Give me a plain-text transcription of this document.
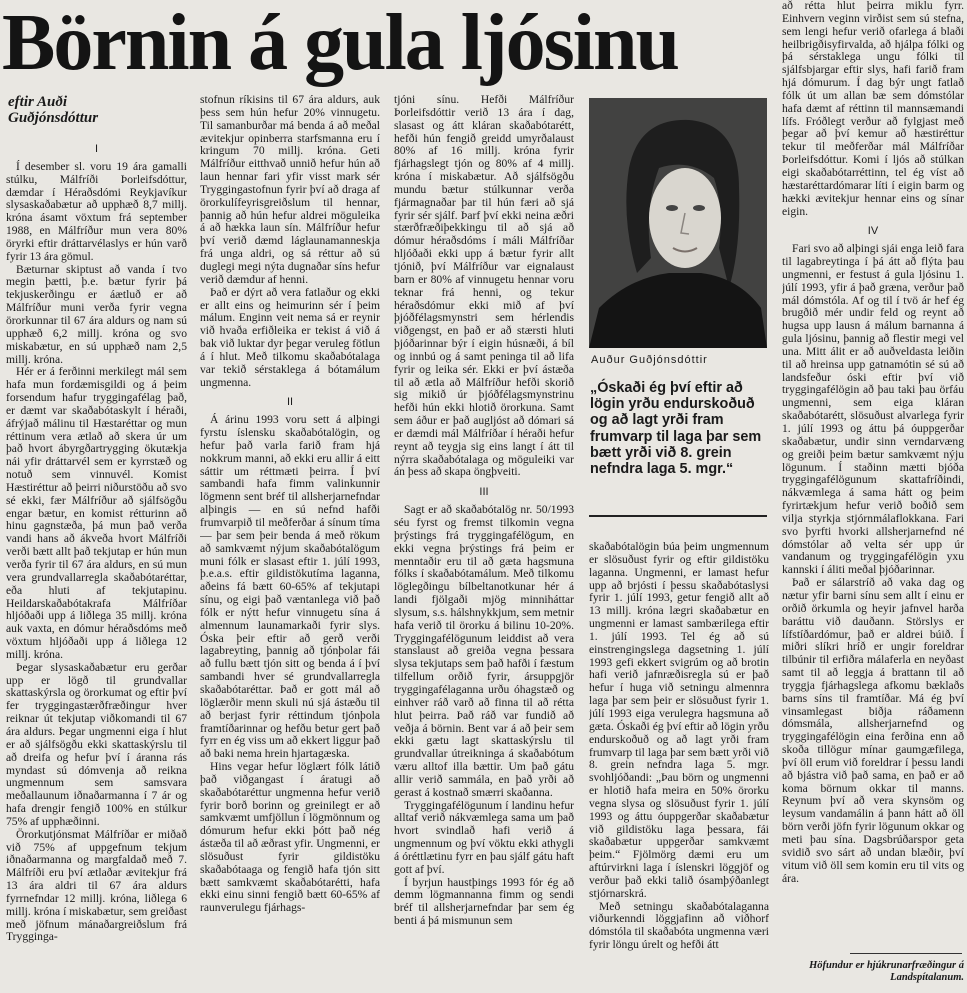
Börnin á gula ljósinu
eftir Auði Guðjónsdóttur
I

Í desember sl. voru 19 ára gamalli stúlku, Málfríði Þorleifsdóttur, dæmdar í Héraðsdómi Reykjavíkur slysaskaðabætur að upphæð 8,7 millj. króna ásamt vöxtum frá september 1988, en Málfríður mun vera 80% öryrki eftir dráttarvélaslys er hún varð fyrir 13 ára gömul.

Bæturnar skiptust að vanda í tvo megin þætti, þ.e. bætur fyrir þá tekjuskerðingu er áætluð er að Málfríður muni verða fyrir vegna örorkunnar til 67 ára aldurs og nam sú upphæð 6,2 millj. króna og svo miskabætur, en sú upphæð nam 2,5 millj. króna.

Hér er á ferðinni merkilegt mál sem hafa mun fordæmisgildi og á þeim forsendum hafur tryggingafélag það, er dæmt var skaðabótaskylt í héraði, áfrýjað málinu til Hæstaréttar og mun réttinum vera ætlað að skera úr um það hvort ábyrgðartrygging ökutækja nái yfir dráttarvél sem er kyrrstæð og notuð sem vinnuvél. Komist Hæstiréttur að þeirri niðurstöðu að svo sé ekki, fær Málfríður að sjálfsögðu engar bætur, en komist rétturinn að hinu gagnstæða, þá mun það verða vandi hans að ákveða hvort Málfríði verði bætt allt það tekjutap er hún mun verða fyrir til 67 ára aldurs, en sú mun vera grundvallarregla skaðabótaréttar, eða hluti af tekjutapinu. Heildarskaðabótakrafa Málfríðar hljóðaði upp á liðlega 35 millj. króna auk vaxta, en dómur héraðsdóms með vöxtum hljóðaði upp á liðlega 12 millj. króna.

Þegar slysaskaðabætur eru gerðar upp er lögð til grundvallar skattaskýrsla og örorkumat og eftir því fer tryggingastærðfræðingur hver reiknar út tekjutap viðkomandi til 67 ára aldurs. Þegar ungmenni eiga í hlut er að sjálfsögðu ekki skattaskýrslu til að dreifa og hefur því í áranna rás myndast sú dómvenja að reikna ungmennum sem samsvara meðallaunum iðnaðarmanna í 7 ár og hafa drengir fengið 100% en stúlkur 75% af upphæðinni.

Örorkutjónsmat Málfríðar er miðað við 75% af uppgefnum tekjum iðnaðarmanna og margfaldað með 7. Málfríði eru því ætlaðar ævitekjur frá 13 ára aldri til 67 ára aldurs fyrrnefndar 12 millj. króna, liðlega 6 millj. króna í miskabætur, sem greiðast með jöfnum mánaðargreiðslum frá Trygginga-

stofnun ríkisins til 67 ára aldurs, auk þess sem hún hefur 20% vinnugetu. Til samanburðar má benda á að meðal ævitekjur opinberra starfsmanna eru í kringum 70 millj. króna. Geti Málfríður eitthvað unnið hefur hún að laun hennar fari yfir visst mark sér Tryggingastofnun fyrir því að draga af örorkulífeyrisgreiðslum til hennar, þannig að hún hefur aldrei möguleika á að hækka laun sín. Málfríður hefur því verið dæmd láglaunamanneskja frá unga aldri, og sá réttur að sú duglegi megi nýta dugnaðar síns hefur verið dæmdur af henni.

Það er dýrt að vera fatlaður og ekki er allt eins og heimurinn sér í þeim málum. Enginn veit nema sá er reynir við hvaða erfiðleika er tekist á við á bak við luktar dyr þegar veruleg fötlun á í hlut. Með tilkomu skaðabótalaga var tekið sérstaklega á bótamálum ungmenna.

II

Á árinu 1993 voru sett á alþingi fyrstu íslensku skaðabótalögin, og hefur það varla farið fram hjá nokkrum manni, að ekki eru allir á eitt sáttir um réttmæti þeirra. Í því sambandi hafa fimm valinkunnir lögmenn sent bréf til allsherjarnefndar alþingis — en sú nefnd hafði frumvarpið til meðferðar á sínum tíma — þar sem þeir benda á með rökum að samkvæmt nýjum skaðabótalögum muni fólk er slasast eftir 1. júlí 1993, þ.e.a.s. eftir gildistökutíma laganna, aðeins fá bætt 60-65% af tekjutapi sínu, og eigi það væntanlega við það fólk er nýtt hefur vinnugetu sína á almennum launamarkaði fyrir slys. Óska þeir eftir að gerð verði lagabreyting, þannig að tjónþolar fái að fullu bætt tjón sitt og benda á í því sambandi hver sé grundvallarregla skaðabótaréttar. Það er gott mál að löglærðir menn skuli nú sjá ástæðu til að berjast fyrir réttindum tjónþola framtíðarinnar og hefðu betur gert það fyrr en ég viss um að ekkert liggur það að baki nema hrein hjartagæska.

Hins vegar hefur löglært fólk látið það viðgangast í áratugi að skaðabótaréttur ungmenna hefur verið fyrir borð borinn og greinilegt er að samkvæmt umfjöllun í lögmönnum og dómurum hefur ekki þótt það nég ástæða til að æðrast yfir. Ungmenni, er slösuðust fyrir gildistöku skaðabótaaga og fengið hafa tjón sitt bætt samkvæmt skaðabótarétti, hafa ekki einu sinni fengið bætt 60-65% af raunverulegu fjárhags-

tjóni sínu. Hefði Málfríður Þorleifsdóttir verið 13 ára í dag, slasast og átt kláran skaðabótarétt, hefði hún fengið greidd umyrðalaust 80% af 16 millj. króna fyrir fjárhagslegt tjón og 80% af 4 millj. króna í miskabætur. Að sjálfsögðu mundu bætur stúlkunnar verða fjármagnaðar þar til hún færi að sjá fyrir sér sjálf. Þarf því ekki neina æðri stærðfræðiþekkingu til að sjá að dómur héraðsdóms í máli Málfríðar hljóðaði ekki upp á bætur fyrir allt tjónið, því Málfríður var eignalaust barn er 80% af vinnugetu hennar voru teknar frá henni, og tekur héraðsdómur ekki mið af því þjóðfélagsmynstri sem hérlendis viðgengst, en það er að stærsti hluti þjóðarinnar býr í eigin húsnæði, á bíl og innbú og á samt peninga til að lifa fyrir og leika sér. Ekki er því ástæða til að ætla að Málfríður hefði skorið sig mikið úr þjóðfélagsmynstrinu hefði hún ekki hlotið örorkuna. Samt sem áður er það augljóst að dómari sá er dæmdi mál Málfríðar í héraði hefur reynt að teygja sig eins langt í átt til nýrra skaðabótalaga og möguleiki var án þess að skapa öngþveiti.

III

Sagt er að skaðabótalög nr. 50/1993 séu fyrst og fremst tilkomin vegna þrýstings frá tryggingafélögum, en ekki vegna þrýstings frá þeim er menntaðir eru til að gæta hagsmuna fólks í skaðabótamálum. Með tilkomu löglegðingu bílbeltanotkunar hér á landi fjölgaði mjög minniháttar slysum, s.s. hálshnykkjum, sem metnir hafa verið til örorku á bilinu 10-20%. Tryggingafélögunum leiddist að vera stanslaust að greiða vegna þessara slysa tekjutaps sem það hafði í fæstum tilfellum orðið fyrir, ársuppgjör tryggingafélaganna urðu óhagstæð og einhver ráð varð að finna til að rétta hlut þeirra. Það ráð var fundið að veðja á börnin. Bent var á að þeir sem ekki gætu lagt skattaskýrslu til grundvallar útreikninga á skaðabótum væru alltof illa bættir. Um það gátu allir verið sammála, en það yrði að gerast á kostnað smærri skaðanna.

Tryggingafélögunum í landinu hefur alltaf verið nákvæmlega sama um það hvort svindlað hafi verið á ungmennum og því vöktu ekki athygli á óréttlætinu fyrr en þau sjálf gátu haft gott af því.

Í byrjun haustþings 1993 fór ég að demm lögmannanna fimm og sendi bréf til allsherjarnefndar þar sem ég benti á þá mismunun sem

Auður Guðjónsdóttir
„Óskaði ég því eftir að lögin yrðu endurskoðuð og að lagt yrði fram frumvarp til laga þar sem bætt yrði við 8. grein nefndra laga 5. mgr.“

skaðabótalögin búa þeim ungmennum er slösuðust fyrir og eftir gildistöku laganna. Ungmenni, er lamast hefur upp að brjósti í þessu skaðabótaslysi fyrir 1. júlí 1993, getur fengið allt að 13 millj. króna lægri skaðabætur en ungmenni er lamast sambærilega eftir 1. júlí 1993. Tel ég að sú einstrengingslega dagsetning 1. júlí 1993 gefi ekkert svigrúm og að brotin hafi verið jafnræðisregla sú er það hefur í huga við setningu almennra laga þar sem þeir er slösuðust fyrir 1. júlí 1993 eiga verulegra hagsmuna að gæta. Óskaði ég því eftir að lögin yrðu endurskoðuð og að lagt yrði fram frumvarp til laga þar sem bætt yrði við 8. grein nefndra laga 5. mgr. svohljóðandi: „Þau börn og ungmenni er hlotið hafa meira en 50% örorku vegna slysa og slösuðust fyrir 1. júlí 1993 og áttu óuppgerðar skaðabætur við gildistöku laga þessara, fái skaðabætur uppgerðar samkvæmt þeim.“ Fjölmörg dæmi eru um aftúrvirkni laga í íslenskri löggjöf og verður það ekki talið ósamþýðanlegt stjórnarskrá.

Með setningu skaðabótalaganna viðurkenndi löggjafinn að viðhorf dómstóla til skaðabóta ungmenna væri fyrir löngu úrelt og hefði átt

að rétta hlut þeirra miklu fyrr. Einhvern veginn virðist sem sú stefna, sem lengi hefur verið ofarlega á blaði heilbrigðisyfirvalda, að hjálpa fólki og þá sérstaklega ungu fólki til sjálfsbjargar eftir slys, hafi farið fram hjá dómurum. Í dag býr ungt fatlað fólk út um allan bæ sem dómstólar hafa dæmt af réttinn til mannsæmandi lífs. Fróðlegt verður að fylgjast með þegar að því kemur að hæstiréttur tekur til meðferðar mál Málfríðar Þorleifsdóttur. Komi í ljós að stúlkan eigi skaðabótarréttinn, tel ég víst að hæstaréttardómarar líti í eigin barm og hækki ævitekjur hennar eins og sínar eigin.

IV

Fari svo að alþingi sjái enga leið fara til lagabreytinga í þá átt að flýta þau ungmenni, er festust á gula ljósinu 1. júlí 1993, yfir á það græna, verður það mál dómstóla. Af og til í tvö ár hef ég brugðið mér undir feld og reynt að hugsa upp lausn á málum barnanna á gula ljósinu, þannig að flestir megi vel una. Mitt álit er að auðveldasta leiðin til að hreinsa upp gatnamótin sé sú að landsfeður óski eftir því við tryggingafélögin að þau taki þau örfáu ungmenni, sem eiga kláran skaðabótarétt, slösuðust alvarlega fyrir 1. júlí 1993 og áttu þá óuppgerðar skaðabætur, undir sinn verndarvæng og greiði þeim bætur samkvæmt nýju lögunum. Í staðinn mætti bjóða tryggingafélögunum skattafríðindi, nákvæmlega á sama hátt og þeim fyrirtækjum hefur verið boðið sem vilja styrkja stjórnmálaflokkana. Fari svo þyrfti hvorki allsherjarnefnd né dómstólar að velta sér upp úr vandanum og tryggingafélögin yxu kannski í áliti meðal þjóðarinnar.

Það er sálarstríð að vaka dag og nætur yfir barni sínu sem allt í einu er orðið örkumla og heyir jafnvel harða baráttu við dauðann. Störslys er lífstíðardómur, það er aldrei búið. Í miðri slíkri hríð er ungir foreldrar tilbúnir til erfiðra málaferla en neyðast samt til að leggja á brattann til að tryggja fjárhagslega afkomu bæklaðs barns síns til framtíðar. Má ég því vinsamlegast biðja ráðamenn dómsmála, allsherjarnefnd og tryggingafélögin eina ferðina enn að skoða tillögur mínar gaumgæfilega, því öll erum við foreldrar í þessu landi að bjástra við það sama, en það er að koma börnum okkar til manns. Reynum því að vera skynsöm og leysum vandamálin á þann hátt að öll börn verði jöfn fyrir lögunum okkar og meti þau sína. Dagsbrúðarspor geta svidið svo sárt að undan blæðir, því vitum við öll sem komin eru til vits og ára.

Höfundur er hjúkrunarfræðingur á Landspítalanum.
